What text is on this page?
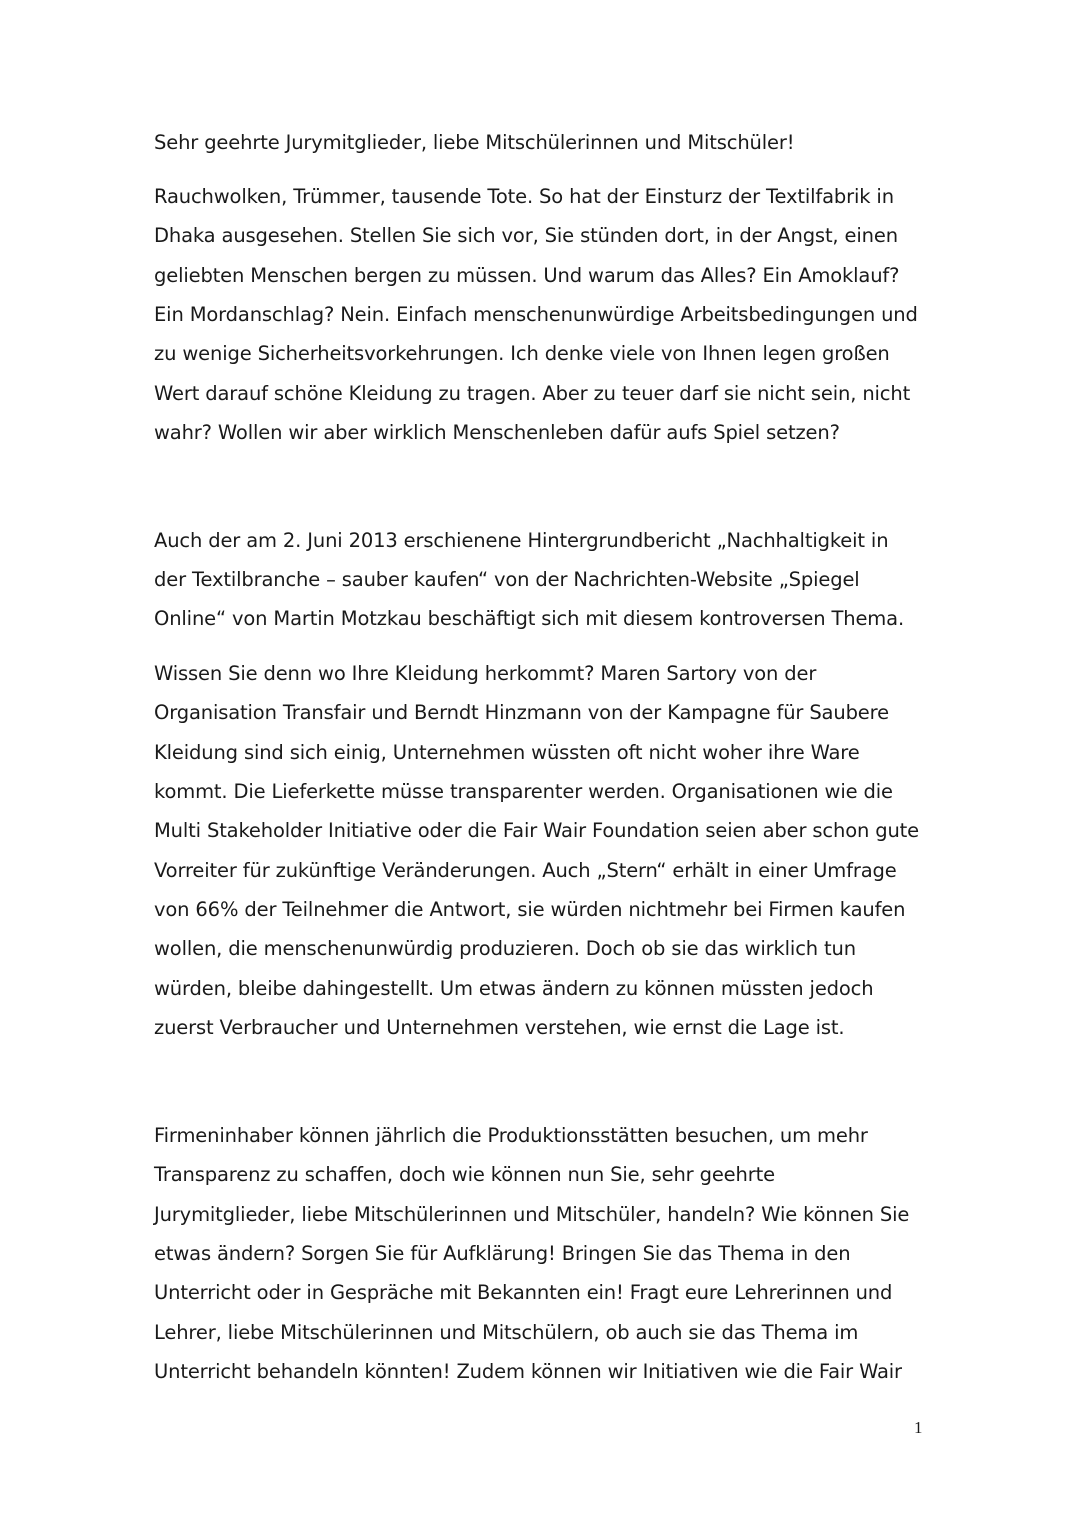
Sehr geehrte Jurymitglieder, liebe Mitschülerinnen und Mitschüler!
Rauchwolken, Trümmer, tausende Tote. So hat der Einsturz der Textilfabrik in
Dhaka ausgesehen. Stellen Sie sich vor, Sie stünden dort, in der Angst, einen
geliebten Menschen bergen zu müssen. Und warum das Alles? Ein Amoklauf?
Ein Mordanschlag? Nein. Einfach menschenunwürdige Arbeitsbedingungen und
zu wenige Sicherheitsvorkehrungen. Ich denke viele von Ihnen legen großen
Wert darauf schöne Kleidung zu tragen. Aber zu teuer darf sie nicht sein, nicht
wahr? Wollen wir aber wirklich Menschenleben dafür aufs Spiel setzen?
Auch der am 2. Juni 2013 erschienene Hintergrundbericht „Nachhaltigkeit in
der Textilbranche – sauber kaufen“ von der Nachrichten-Website „Spiegel
Online“ von Martin Motzkau beschäftigt sich mit diesem kontroversen Thema.
Wissen Sie denn wo Ihre Kleidung herkommt? Maren Sartory von der
Organisation Transfair und Berndt Hinzmann von der Kampagne für Saubere
Kleidung sind sich einig, Unternehmen wüssten oft nicht woher ihre Ware
kommt. Die Lieferkette müsse transparenter werden. Organisationen wie die
Multi Stakeholder Initiative oder die Fair Wair Foundation seien aber schon gute
Vorreiter für zukünftige Veränderungen. Auch „Stern“ erhält in einer Umfrage
von 66% der Teilnehmer die Antwort, sie würden nichtmehr bei Firmen kaufen
wollen, die menschenunwürdig produzieren. Doch ob sie das wirklich tun
würden, bleibe dahingestellt. Um etwas ändern zu können müssten jedoch
zuerst Verbraucher und Unternehmen verstehen, wie ernst die Lage ist.
Firmeninhaber können jährlich die Produktionsstätten besuchen, um mehr
Transparenz zu schaffen, doch wie können nun Sie, sehr geehrte
Jurymitglieder, liebe Mitschülerinnen und Mitschüler, handeln? Wie können Sie
etwas ändern? Sorgen Sie für Aufklärung! Bringen Sie das Thema in den
Unterricht oder in Gespräche mit Bekannten ein! Fragt eure Lehrerinnen und
Lehrer, liebe Mitschülerinnen und Mitschülern, ob auch sie das Thema im
Unterricht behandeln könnten! Zudem können wir Initiativen wie die Fair Wair
1
